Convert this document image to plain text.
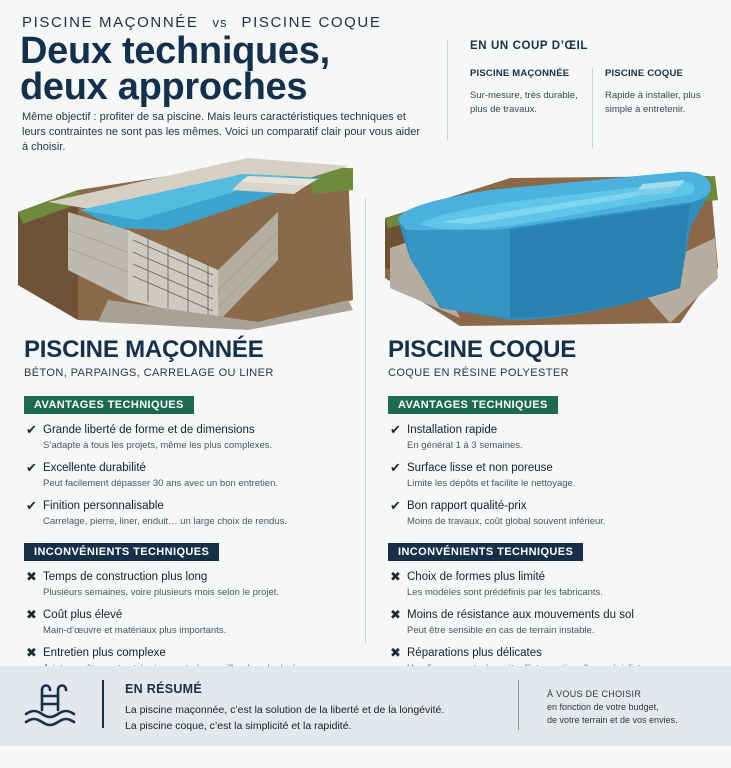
PISCINE MAÇONNÉE vs PISCINE COQUE
Deux techniques,
deux approches

Même objectif : profiter de sa piscine. Mais leurs caractéristiques techniques et leurs contraintes ne sont pas les mêmes. Voici un comparatif clair pour vous aider à choisir.

EN UN COUP D’ŒIL
PISCINE MAÇONNÉE
Sur-mesure, très durable, plus de travaux.
PISCINE COQUE
Rapide à installer, plus simple à entretenir.
PISCINE MAÇONNÉE
BÉTON, PARPAINGS, CARRELAGE OU LINER
AVANTAGES TECHNIQUES
✔ Grande liberté de forme et de dimensions
S’adapte à tous les projets, même les plus complexes.
✔ Excellente durabilité
Peut facilement dépasser 30 ans avec un bon entretien.
✔ Finition personnalisable
Carrelage, pierre, liner, enduit… un large choix de rendus.
INCONVÉNIENTS TECHNIQUES
✖ Temps de construction plus long
Plusieurs semaines, voire plusieurs mois selon le projet.
✖ Coût plus élevé
Main-d’œuvre et matériaux plus importants.
✖ Entretien plus complexe
PISCINE COQUE
COQUE EN RÉSINE POLYESTER
AVANTAGES TECHNIQUES
✔ Installation rapide
En général 1 à 3 semaines.
✔ Surface lisse et non poreuse
Limite les dépôts et facilite le nettoyage.
✔ Bon rapport qualité-prix
Moins de travaux, coût global souvent inférieur.
INCONVÉNIENTS TECHNIQUES
✖ Choix de formes plus limité
Les modèles sont prédéfinis par les fabricants.
✖ Moins de résistance aux mouvements du sol
Peut être sensible en cas de terrain instable.
✖ Réparations plus délicates
EN RÉSUMÉ
La piscine maçonnée, c’est la solution de la liberté et de la longévité.
La piscine coque, c’est la simplicité et la rapidité.
À VOUS DE CHOISIR
en fonction de votre budget,
de votre terrain et de vos envies.
